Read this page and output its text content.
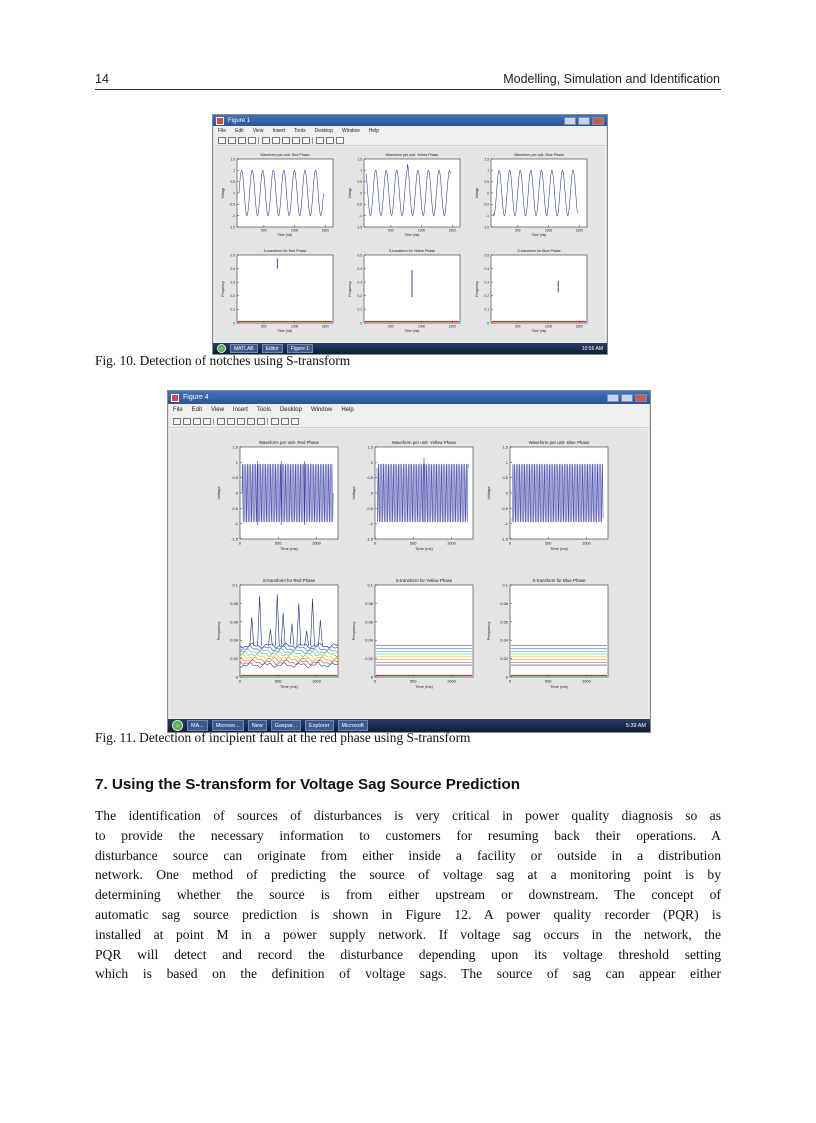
14	Modelling, Simulation and Identification
Figure 1
File Edit View Insert Tools Desktop Window Help
Waveform per unit- Red Phase
1.5
1
0.5
0
-0.5
-1
-1.5
500	1000	1500
Time (ms)
Voltage
Waveform per unit- Yellow Phase
1.5
1
0.5
0
-0.5
-1
-1.5
500	1000	1500
Time (ms)
Voltage
Waveform per unit- Blue Phase
1.5
1
0.5
0
-0.5
-1
-1.5
500	1000	1500
Time (ms)
Voltage
S-transform for Red Phase
0.5
0.4
0.3
0.2
0.1
0
500	1000	1500
Time (ms)
Frequency
S-transform for Yellow Phase
0.5
0.4
0.3
0.2
0.1
0
500	1000	1500
Time (ms)
Frequency
S-transform for Blue Phase
0.5
0.4
0.3
0.2
0.1
0
500	1000	1500
Time (ms)
Frequency
MATLAB	Editor	Figure 1	10:56 AM
Fig. 10. Detection of notches using S-transform
Figure 4
File Edit View Insert Tools Desktop Window Help
Waveform per unit- Red Phase
1.5
1
0.5
0
-0.5
-1
-1.5
0	500	1000
Time (ms)
Voltage
Waveform per unit- Yellow Phase
1.5
1
0.5
0
-0.5
-1
-1.5
0	500	1000
Time (ms)
Voltage
Waveform per unit- Blue Phase
1.5
1
0.5
0
-0.5
-1
-1.5
0	500	1000
Time (ms)
Voltage
S-transform for Red Phase
0.1
0.08
0.06
0.04
0.02
0
0	500	1000
Time (ms)
Frequency
S-transform for Yellow Phase
0.1
0.08
0.06
0.04
0.02
0
0	500	1000
Time (ms)
Frequency
S-transform for Blue Phase
0.1
0.08
0.06
0.04
0.02
0
0	500	1000
Time (ms)
Frequency
MA...	Microso...	New	Gaspar...	Explorer	Microsoft	5:39 AM
Fig. 11. Detection of incipient fault at the red phase using S-transform
7. Using the S-transform for Voltage Sag Source Prediction
The identification of sources of disturbances is very critical in power quality diagnosis so as
to provide the necessary information to customers for resuming back their operations. A
disturbance source can originate from either inside a facility or outside in a distribution
network. One method of predicting the source of voltage sag at a monitoring point is by
determining whether the source is from either upstream or downstream. The concept of
automatic sag source prediction is shown in Figure 12. A power quality recorder (PQR) is
installed at point M in a power supply network. If voltage sag occurs in the network, the
PQR will detect and record the disturbance depending upon its voltage threshold setting
which is based on the definition of voltage sags. The source of sag can appear either
